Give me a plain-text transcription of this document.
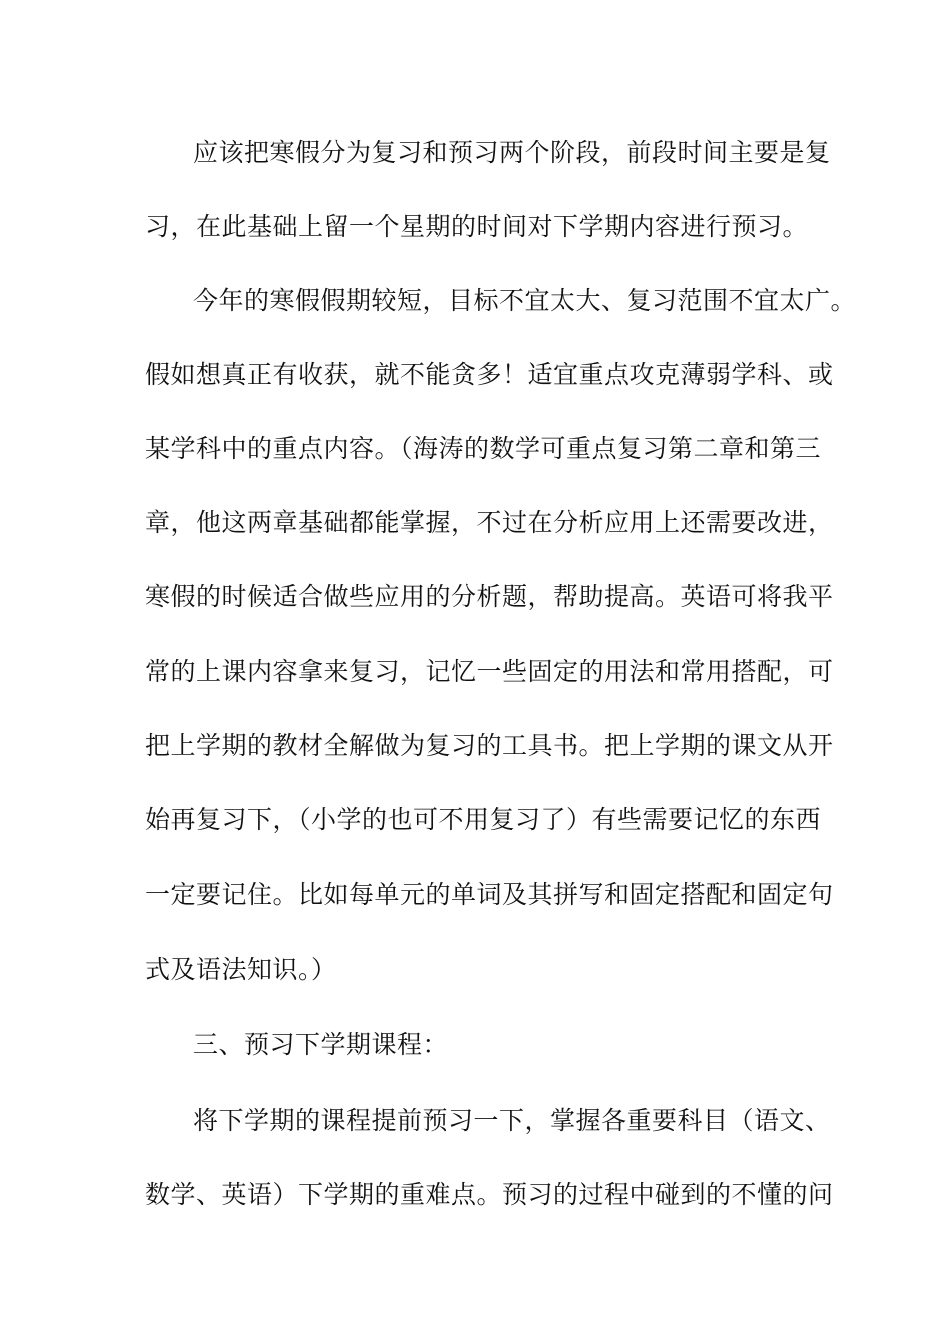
应该把寒假分为复习和预习两个阶段，前段时间主要是复
习，在此基础上留一个星期的时间对下学期内容进行预习。
今年的寒假假期较短，目标不宜太大、复习范围不宜太广。
假如想真正有收获，就不能贪多！适宜重点攻克薄弱学科、或
某学科中的重点内容。（海涛的数学可重点复习第二章和第三
章，他这两章基础都能掌握，不过在分析应用上还需要改进，
寒假的时候适合做些应用的分析题，帮助提高。英语可将我平
常的上课内容拿来复习，记忆一些固定的用法和常用搭配，可
把上学期的教材全解做为复习的工具书。把上学期的课文从开
始再复习下，（小学的也可不用复习了）有些需要记忆的东西
一定要记住。比如每单元的单词及其拼写和固定搭配和固定句
式及语法知识。）
三、预习下学期课程：
将下学期的课程提前预习一下，掌握各重要科目（语文、
数学、英语）下学期的重难点。预习的过程中碰到的不懂的问
